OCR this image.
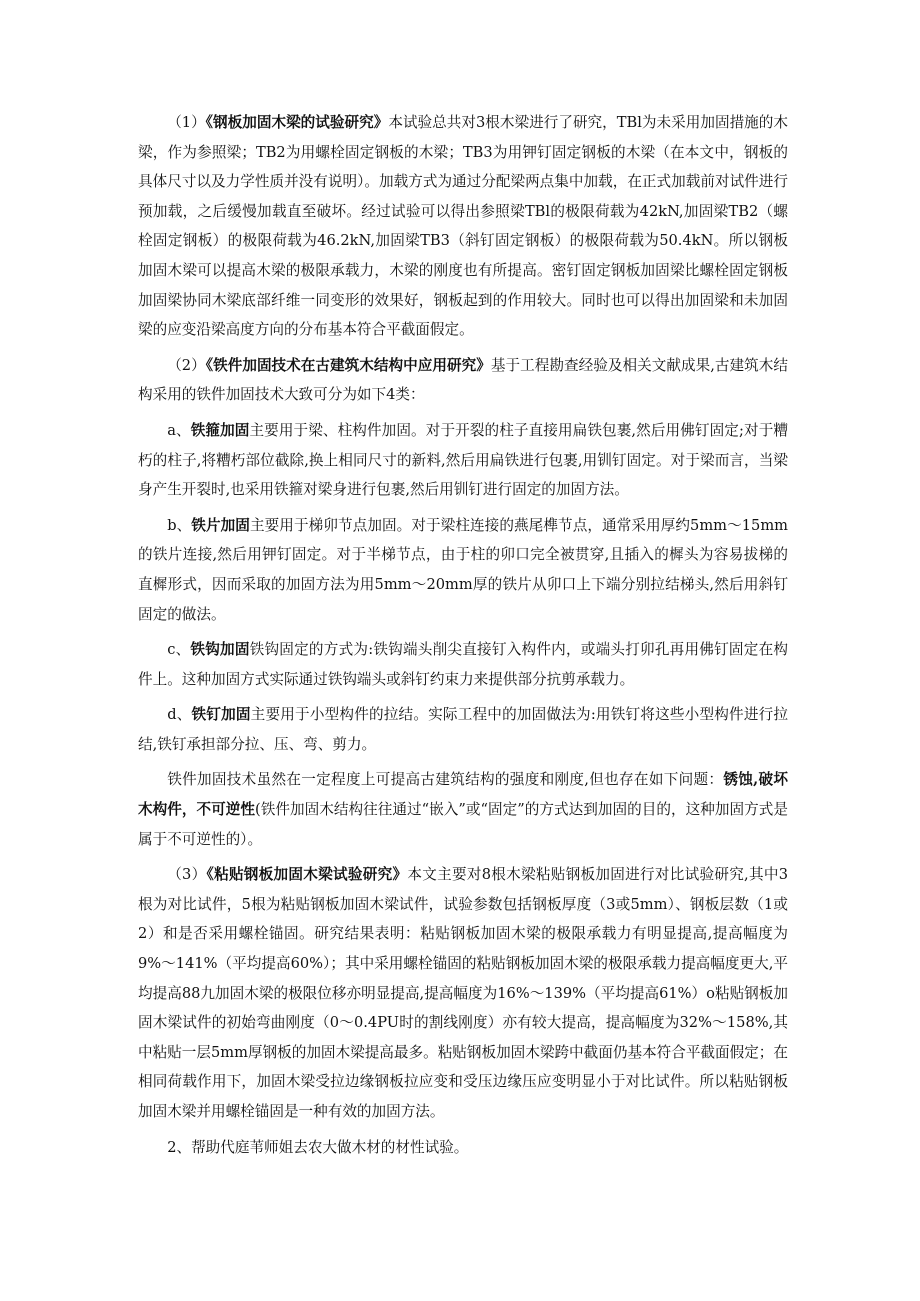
（1）《钢板加固木梁的试验研究》本试验总共对3根木梁进行了研究，TBl为未采用加固措施的木梁，作为参照梁；TB2为用螺栓固定钢板的木梁；TB3为用钾钉固定钢板的木梁（在本文中，钢板的具体尺寸以及力学性质并没有说明）。加载方式为通过分配梁两点集中加载，在正式加载前对试件进行预加载，之后缓慢加载直至破坏。经过试验可以得出参照梁TBl的极限荷载为42kN,加固梁TB2（螺栓固定钢板）的极限荷载为46.2kN,加固梁TB3（斜钉固定钢板）的极限荷载为50.4kN。所以钢板加固木梁可以提高木梁的极限承载力，木梁的刚度也有所提高。密钉固定钢板加固梁比螺栓固定钢板加固梁协同木梁底部纤维一同变形的效果好，钢板起到的作用较大。同时也可以得出加固梁和未加固梁的应变沿梁高度方向的分布基本符合平截面假定。

（2）《铁件加固技术在古建筑木结构中应用研究》基于工程勘查经验及相关文献成果,古建筑木结构采用的铁件加固技术大致可分为如下4类：

a、铁箍加固主要用于梁、柱构件加固。对于开裂的柱子直接用扁铁包裹,然后用佛钉固定;对于糟朽的柱子,将糟朽部位截除,换上相同尺寸的新料,然后用扁铁进行包裹,用钏钉固定。对于梁而言，当梁身产生开裂时,也采用铁箍对梁身进行包裹,然后用钏钉进行固定的加固方法。

b、铁片加固主要用于梯卯节点加固。对于梁柱连接的燕尾榫节点，通常采用厚约5mm～15mm的铁片连接,然后用钾钉固定。对于半梯节点，由于柱的卯口完全被贯穿,且插入的樨头为容易拔梯的直樨形式，因而采取的加固方法为用5mm～20mm厚的铁片从卯口上下端分别拉结梯头,然后用斜钉固定的做法。

c、铁钩加固铁钩固定的方式为:铁钩端头削尖直接钉入构件内，或端头打卯孔再用佛钉固定在构件上。这种加固方式实际通过铁钩端头或斜钉约束力来提供部分抗剪承载力。

d、铁钉加固主要用于小型构件的拉结。实际工程中的加固做法为:用铁钉将这些小型构件进行拉结,铁钉承担部分拉、压、弯、剪力。

铁件加固技术虽然在一定程度上可提高古建筑结构的强度和刚度,但也存在如下问题：锈蚀,破坏木构件，不可逆性(铁件加固木结构往往通过“嵌入”或“固定”的方式达到加固的目的，这种加固方式是属于不可逆性的）。

（3）《粘贴钢板加固木梁试验研究》本文主要对8根木梁粘贴钢板加固进行对比试验研究,其中3根为对比试件，5根为粘贴钢板加固木梁试件，试验参数包括钢板厚度（3或5mm）、钢板层数（1或2）和是否采用螺栓锚固。研究结果表明：粘贴钢板加固木梁的极限承载力有明显提高,提高幅度为9%～141%（平均提高60%）；其中采用螺栓锚固的粘贴钢板加固木梁的极限承载力提高幅度更大,平均提高88九加固木梁的极限位移亦明显提高,提高幅度为16%～139%（平均提高61%）o粘贴钢板加固木梁试件的初始弯曲刚度（0～0.4PU时的割线刚度）亦有较大提高，提高幅度为32%～158%,其中粘贴一层5mm厚钢板的加固木梁提高最多。粘贴钢板加固木梁跨中截面仍基本符合平截面假定；在相同荷载作用下，加固木梁受拉边缘钢板拉应变和受压边缘压应变明显小于对比试件。所以粘贴钢板加固木梁并用螺栓锚固是一种有效的加固方法。

2、帮助代庭苇师姐去农大做木材的材性试验。
